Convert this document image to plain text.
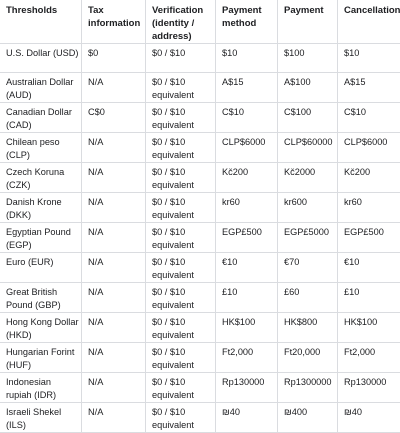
Thresholds	Tax information	Verification (identity / address)	Payment method	Payment	Cancellation
U.S. Dollar (USD)	$0	$0 / $10	$10	$100	$10
Australian Dollar (AUD)	N/A	$0 / $10 equivalent	A$15	A$100	A$15
Canadian Dollar (CAD)	C$0	$0 / $10 equivalent	C$10	C$100	C$10
Chilean peso (CLP)	N/A	$0 / $10 equivalent	CLP$6000	CLP$60000	CLP$6000
Czech Koruna (CZK)	N/A	$0 / $10 equivalent	Kč200	Kč2000	Kč200
Danish Krone (DKK)	N/A	$0 / $10 equivalent	kr60	kr600	kr60
Egyptian Pound (EGP)	N/A	$0 / $10 equivalent	EGP£500	EGP£5000	EGP£500
Euro (EUR)	N/A	$0 / $10 equivalent	€10	€70	€10
Great British Pound (GBP)	N/A	$0 / $10 equivalent	£10	£60	£10
Hong Kong Dollar (HKD)	N/A	$0 / $10 equivalent	HK$100	HK$800	HK$100
Hungarian Forint (HUF)	N/A	$0 / $10 equivalent	Ft2,000	Ft20,000	Ft2,000
Indonesian rupiah (IDR)	N/A	$0 / $10 equivalent	Rp130000	Rp1300000	Rp130000
Israeli Shekel (ILS)	N/A	$0 / $10 equivalent	₪40	₪400	₪40
